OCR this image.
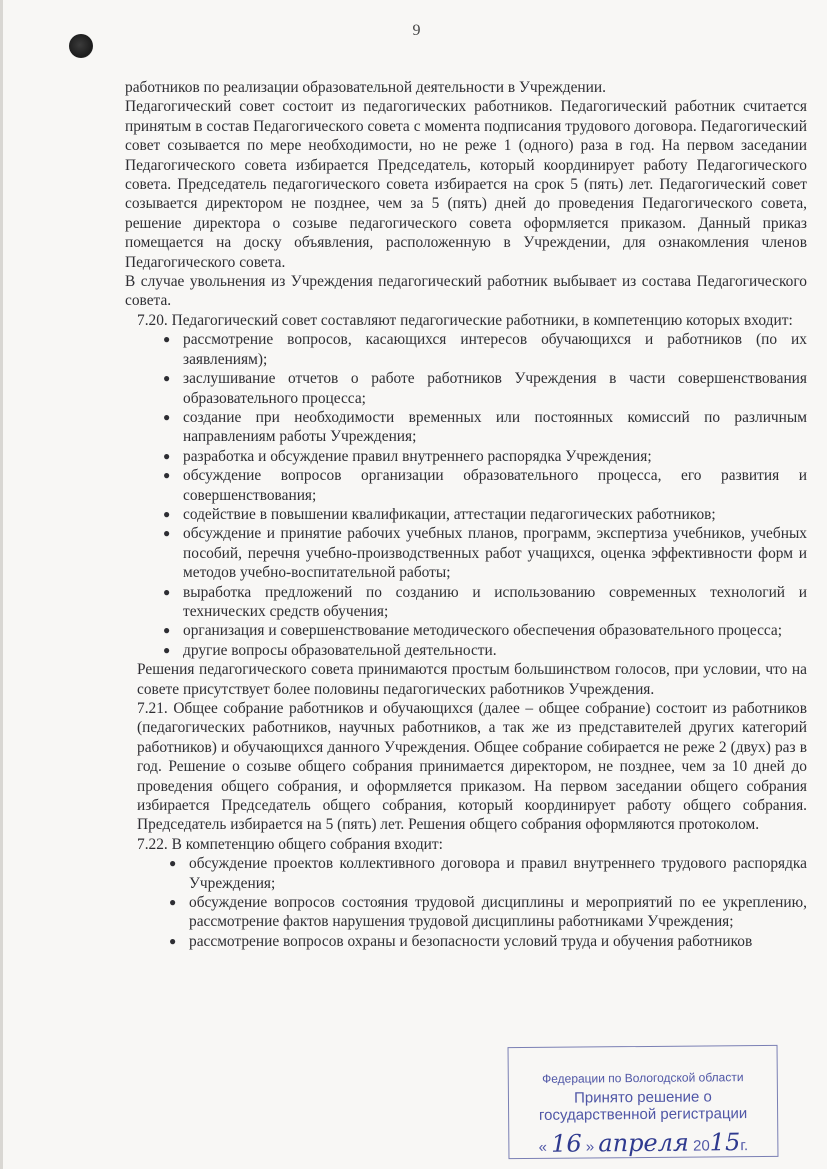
9

работников по реализации образовательной деятельности в Учреждении.

Педагогический совет состоит из педагогических работников. Педагогический работник считается принятым в состав Педагогического совета с момента подписания трудового договора. Педагогический совет созывается по мере необходимости, но не реже 1 (одного) раза в год. На первом заседании Педагогического совета избирается Председатель, который координирует работу Педагогического совета. Председатель педагогического совета избирается на срок 5 (пять) лет. Педагогический совет созывается директором не позднее, чем за 5 (пять) дней до проведения Педагогического совета, решение директора о созыве педагогического совета оформляется приказом. Данный приказ помещается на доску объявления, расположенную в Учреждении, для ознакомления членов Педагогического совета.

В случае увольнения из Учреждения педагогический работник выбывает из состава Педагогического совета.

7.20. Педагогический совет составляют педагогические работники, в компетенцию которых входит:

● рассмотрение вопросов, касающихся интересов обучающихся и работников (по их заявлениям);
● заслушивание отчетов о работе работников Учреждения в части совершенствования образовательного процесса;
● создание при необходимости временных или постоянных комиссий по различным направлениям работы Учреждения;
● разработка и обсуждение правил внутреннего распорядка Учреждения;
● обсуждение вопросов организации образовательного процесса, его развития и совершенствования;
● содействие в повышении квалификации, аттестации педагогических работников;
● обсуждение и принятие рабочих учебных планов, программ, экспертиза учебников, учебных пособий, перечня учебно-производственных работ учащихся, оценка эффективности форм и методов учебно-воспитательной работы;
● выработка предложений по созданию и использованию современных технологий и технических средств обучения;
● организация и совершенствование методического обеспечения образовательного процесса;
● другие вопросы образовательной деятельности.

Решения педагогического совета принимаются простым большинством голосов, при условии, что на совете присутствует более половины педагогических работников Учреждения.

7.21. Общее собрание работников и обучающихся (далее – общее собрание) состоит из работников (педагогических работников, научных работников, а так же из представителей других категорий работников) и обучающихся данного Учреждения. Общее собрание собирается не реже 2 (двух) раз в год. Решение о созыве общего собрания принимается директором, не позднее, чем за 10 дней до проведения общего собрания, и оформляется приказом. На первом заседании общего собрания избирается Председатель общего собрания, который координирует работу общего собрания. Председатель избирается на 5 (пять) лет. Решения общего собрания оформляются протоколом.

7.22. В компетенцию общего собрания входит:

● обсуждение проектов коллективного договора и правил внутреннего трудового распорядка Учреждения;
● обсуждение вопросов состояния трудовой дисциплины и мероприятий по ее укреплению, рассмотрение фактов нарушения трудовой дисциплины работниками Учреждения;
● рассмотрение вопросов охраны и безопасности условий труда и обучения работников
Федерации по Вологодской области
Принято решение о
государственной регистрации
« 16 » апреля 2015г.
